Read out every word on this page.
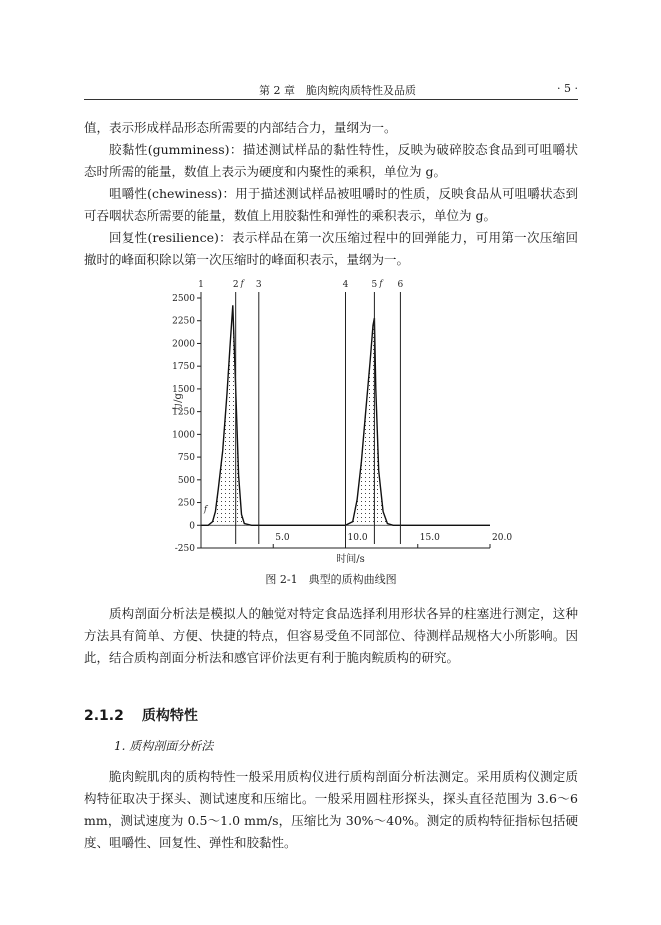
第 2 章　脆肉鲩肉质特性及品质	· 5 ·

值，表示形成样品形态所需要的内部结合力，量纲为一。

胶黏性(gumminess)：描述测试样品的黏性特性，反映为破碎胶态食品到可咀嚼状态时所需的能量，数值上表示为硬度和内聚性的乘积，单位为 g。

咀嚼性(chewiness)：用于描述测试样品被咀嚼时的性质，反映食品从可咀嚼状态到可吞咽状态所需要的能量，数值上用胶黏性和弹性的乘积表示，单位为 g。

回复性(resilience)：表示样品在第一次压缩过程中的回弹能力，可用第一次压缩回撤时的峰面积除以第一次压缩时的峰面积表示，量纲为一。

-250
0
250
500
750
1000
1250
1500
1750
2000
2250
2500
5.0	10.0	15.0	20.0
时间/s
力/g
1	2 3	4	5 6
f	f
f
图 2-1　典型的质构曲线图

质构剖面分析法是模拟人的触觉对特定食品选择利用形状各异的柱塞进行测定，这种方法具有简单、方便、快捷的特点，但容易受鱼不同部位、待测样品规格大小所影响。因此，结合质构剖面分析法和感官评价法更有利于脆肉鲩质构的研究。

2.1.2 质构特性
1. 质构剖面分析法

脆肉鲩肌肉的质构特性一般采用质构仪进行质构剖面分析法测定。采用质构仪测定质构特征取决于探头、测试速度和压缩比。一般采用圆柱形探头，探头直径范围为 3.6～6 mm，测试速度为 0.5～1.0 mm/s，压缩比为 30%～40%。测定的质构特征指标包括硬度、咀嚼性、回复性、弹性和胶黏性。
